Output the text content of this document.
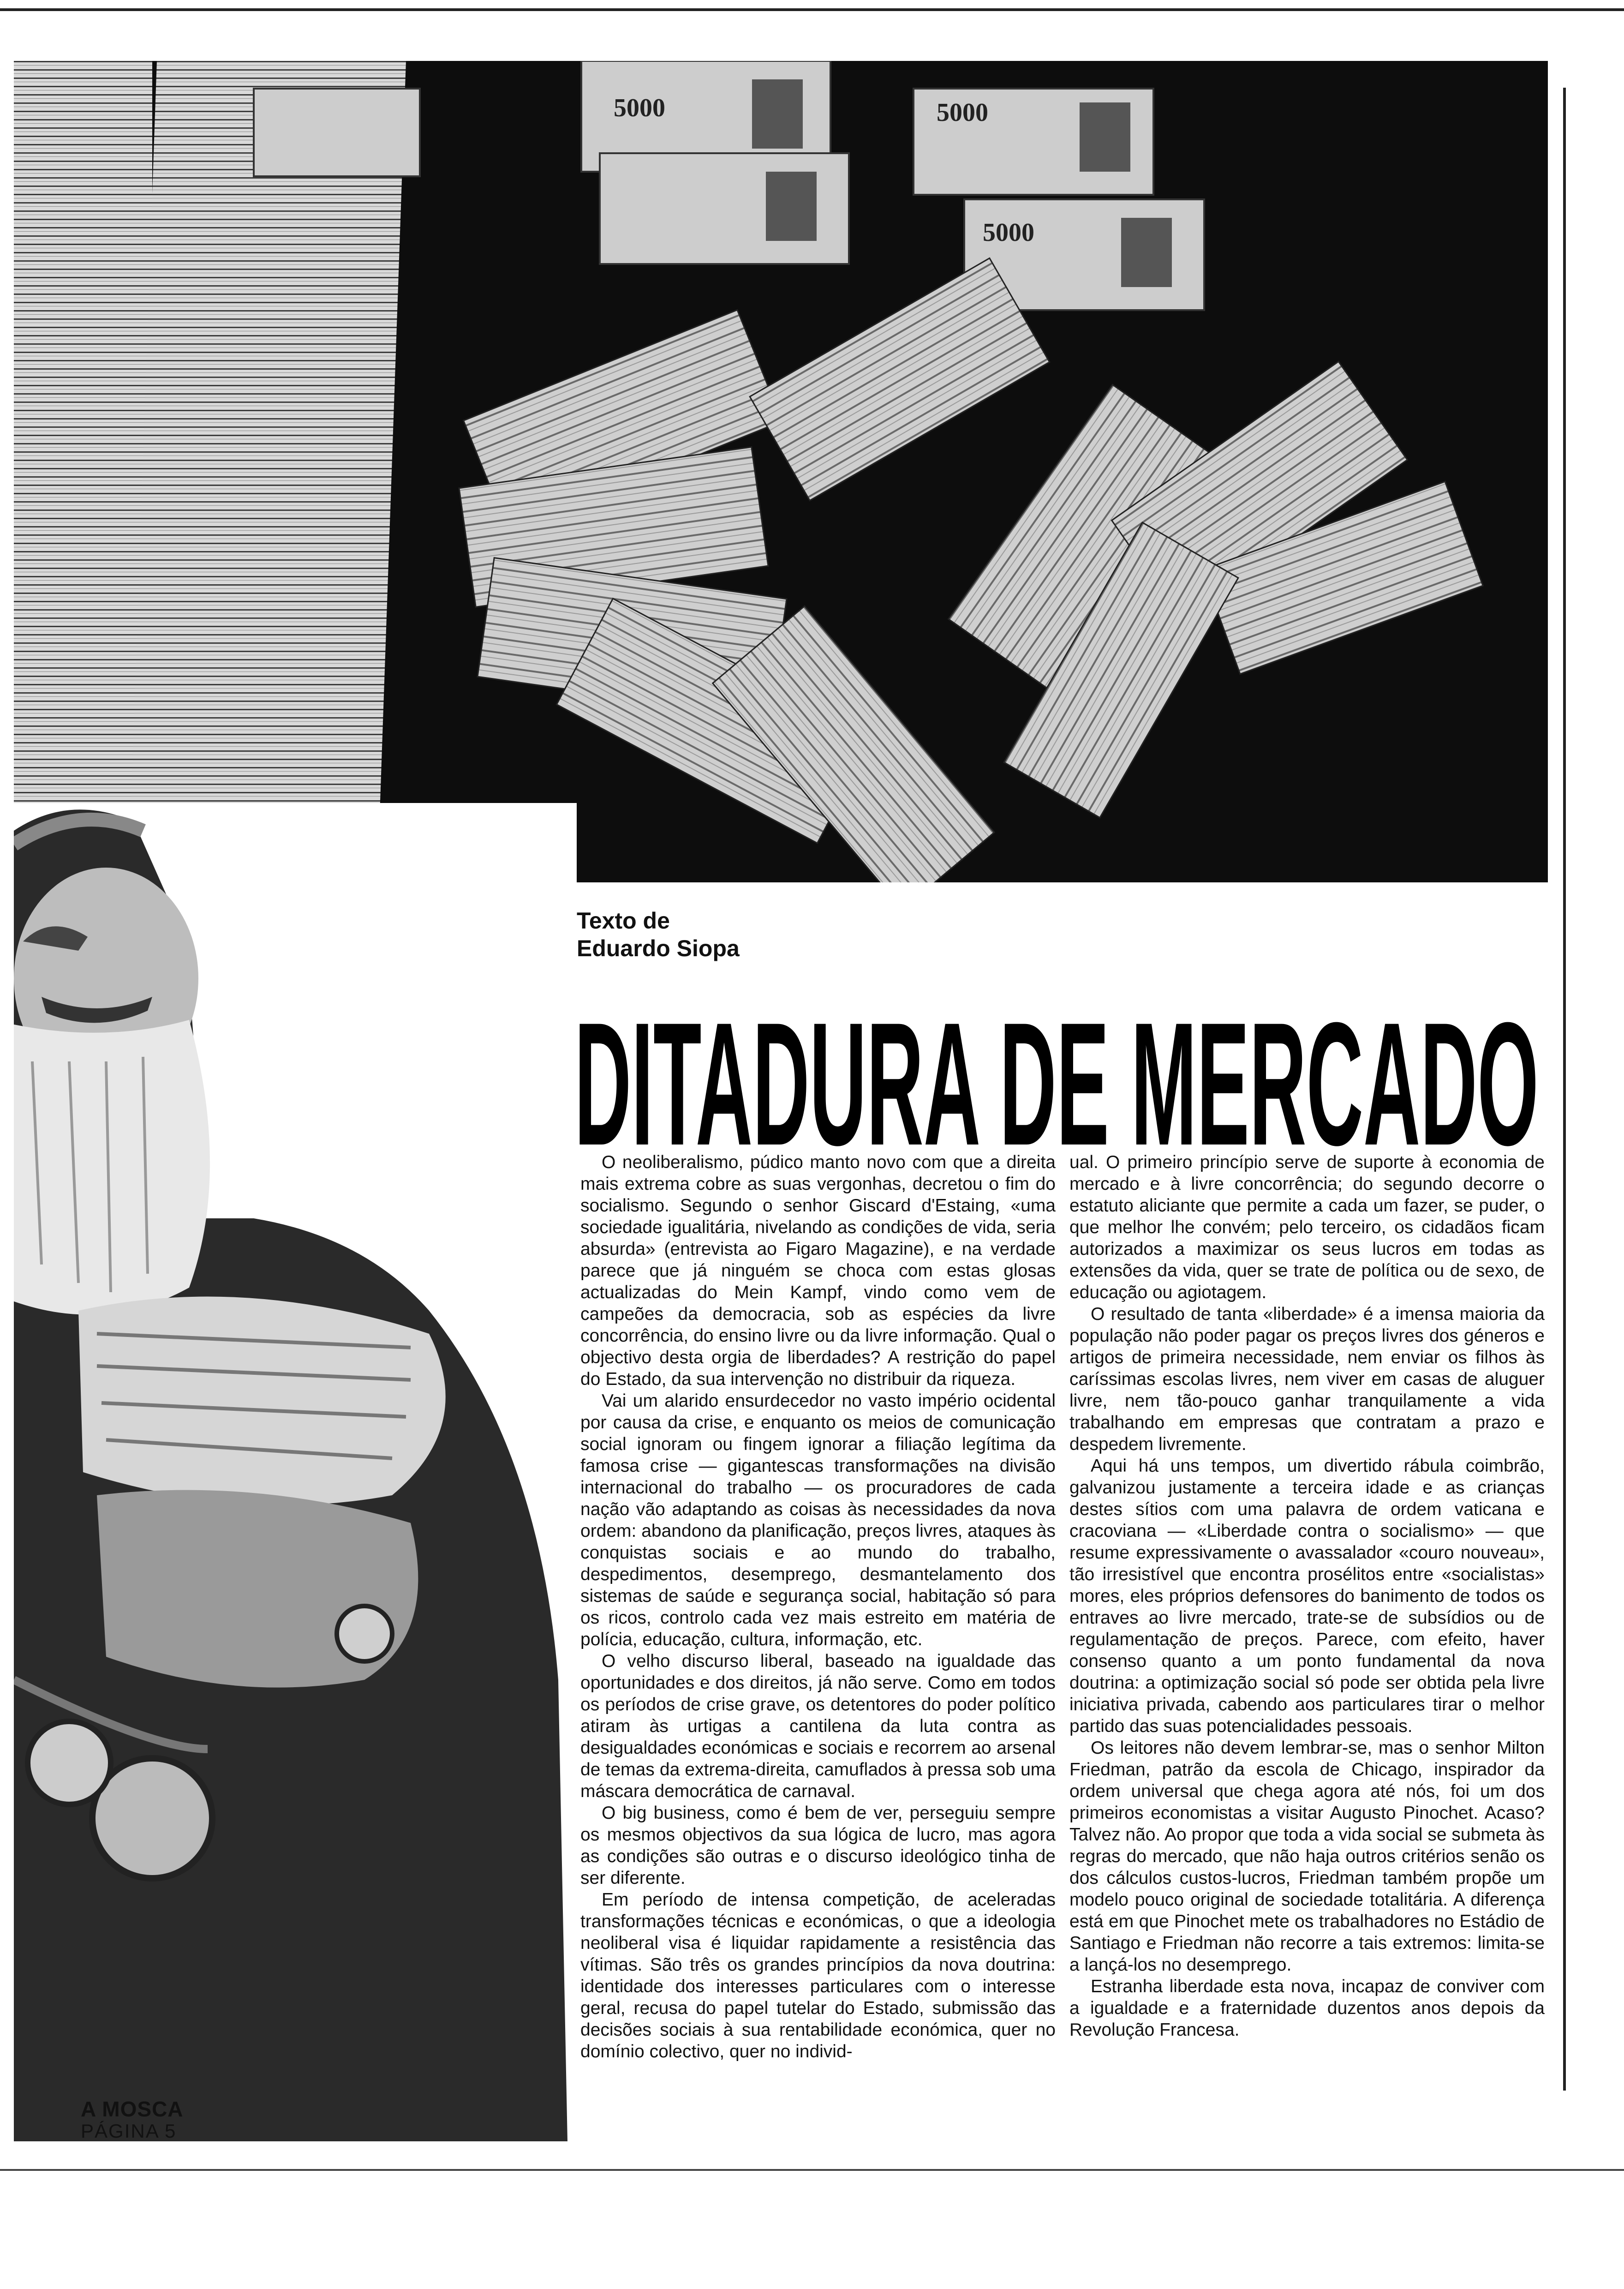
5000	5000
5000
Texto de
Eduardo Siopa
DITADURA DE MERCADO

O neoliberalismo, púdico manto novo com que a direita mais extrema cobre as suas vergonhas, decretou o fim do socialismo. Segundo o senhor Giscard d'Estaing, «uma sociedade igualitária, nivelando as condições de vida, seria absurda» (entrevista ao Figaro Magazine), e na verdade parece que já ninguém se choca com estas glosas actualizadas do Mein Kampf, vindo como vem de campeões da democracia, sob as espécies da livre concorrência, do ensino livre ou da livre informação. Qual o objectivo desta orgia de liberdades? A restrição do papel do Estado, da sua intervenção no distribuir da riqueza.

Vai um alarido ensurdecedor no vasto império ocidental por causa da crise, e enquanto os meios de comunicação social ignoram ou fingem ignorar a filiação legítima da famosa crise — gigantescas transformações na divisão internacional do trabalho — os procuradores de cada nação vão adaptando as coisas às necessidades da nova ordem: abandono da planificação, preços livres, ataques às conquistas sociais e ao mundo do trabalho, despedimentos, desemprego, desmantelamento dos sistemas de saúde e segurança social, habitação só para os ricos, controlo cada vez mais estreito em matéria de polícia, educação, cultura, informação, etc.

O velho discurso liberal, baseado na igualdade das oportunidades e dos direitos, já não serve. Como em todos os períodos de crise grave, os detentores do poder político atiram às urtigas a cantilena da luta contra as desigualdades económicas e sociais e recorrem ao arsenal de temas da extrema-direita, camuflados à pressa sob uma máscara democrática de carnaval.

O big business, como é bem de ver, perseguiu sempre os mesmos objectivos da sua lógica de lucro, mas agora as condições são outras e o discurso ideológico tinha de ser diferente.

Em período de intensa competição, de aceleradas transformações técnicas e económicas, o que a ideologia neoliberal visa é liquidar rapidamente a resistência das vítimas. São três os grandes princípios da nova doutrina: identidade dos interesses particulares com o interesse geral, recusa do papel tutelar do Estado, submissão das decisões sociais à sua rentabilidade económica, quer no domínio colectivo, quer no individ-

ual. O primeiro princípio serve de suporte à economia de mercado e à livre concorrência; do segundo decorre o estatuto aliciante que permite a cada um fazer, se puder, o que melhor lhe convém; pelo terceiro, os cidadãos ficam autorizados a maximizar os seus lucros em todas as extensões da vida, quer se trate de política ou de sexo, de educação ou agiotagem.

O resultado de tanta «liberdade» é a imensa maioria da população não poder pagar os preços livres dos géneros e artigos de primeira necessidade, nem enviar os filhos às caríssimas escolas livres, nem viver em casas de aluguer livre, nem tão-pouco ganhar tranquilamente a vida trabalhando em empresas que contratam a prazo e despedem livremente.

Aqui há uns tempos, um divertido rábula coimbrão, galvanizou justamente a terceira idade e as crianças destes sítios com uma palavra de ordem vaticana e cracoviana — «Liberdade contra o socialismo» — que resume expressivamente o avassalador «couro nouveau», tão irresistível que encontra prosélitos entre «socialistas» mores, eles próprios defensores do banimento de todos os entraves ao livre mercado, trate-se de subsídios ou de regulamentação de preços. Parece, com efeito, haver consenso quanto a um ponto fundamental da nova doutrina: a optimização social só pode ser obtida pela livre iniciativa privada, cabendo aos particulares tirar o melhor partido das suas potencialidades pessoais.

Os leitores não devem lembrar-se, mas o senhor Milton Friedman, patrão da escola de Chicago, inspirador da ordem universal que chega agora até nós, foi um dos primeiros economistas a visitar Augusto Pinochet. Acaso? Talvez não. Ao propor que toda a vida social se submeta às regras do mercado, que não haja outros critérios senão os dos cálculos custos-lucros, Friedman também propõe um modelo pouco original de sociedade totalitária. A diferença está em que Pinochet mete os trabalhadores no Estádio de Santiago e Friedman não recorre a tais extremos: limita-se a lançá-los no desemprego.

Estranha liberdade esta nova, incapaz de conviver com a igualdade e a fraternidade duzentos anos depois da Revolução Francesa.

A MOSCA
PÁGINA 5
